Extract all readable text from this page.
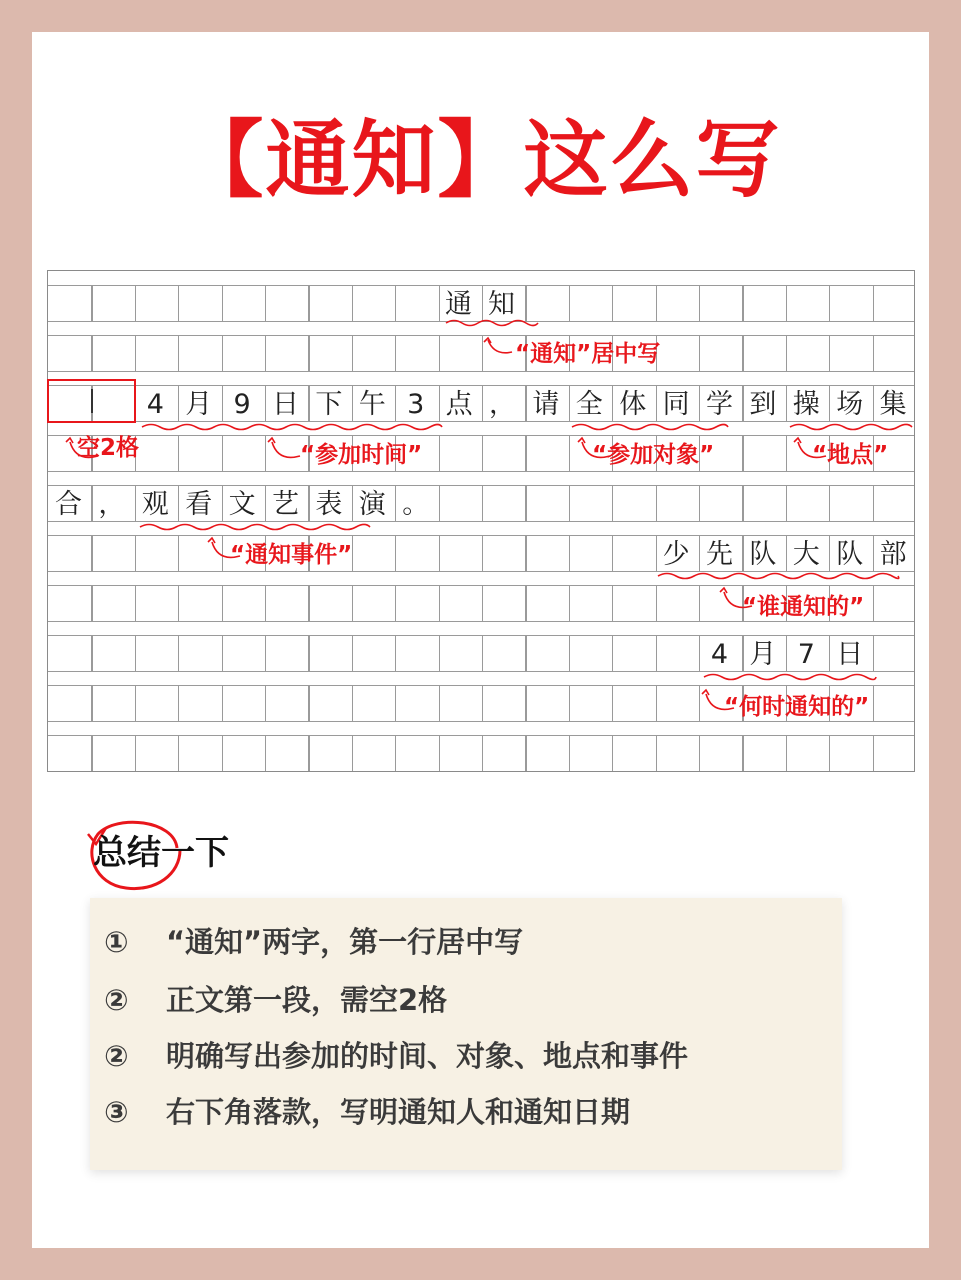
【通知】这么写
通 知
4 月 9 日 下 午 3 点 ， 请 全 体 同 学 到 操 场 集
合 ， 观 看 文 艺 表 演 。
少 先 队 大 队 部
4 月 7 日
“通知”居中写
空2格	“参加时间”	“参加对象”	“地点”
“通知事件”
“谁通知的”
“何时通知的”
总结一下
① “通知”两字，第一行居中写
② 正文第一段，需空2格
② 明确写出参加的时间、对象、地点和事件
③ 右下角落款，写明通知人和通知日期
